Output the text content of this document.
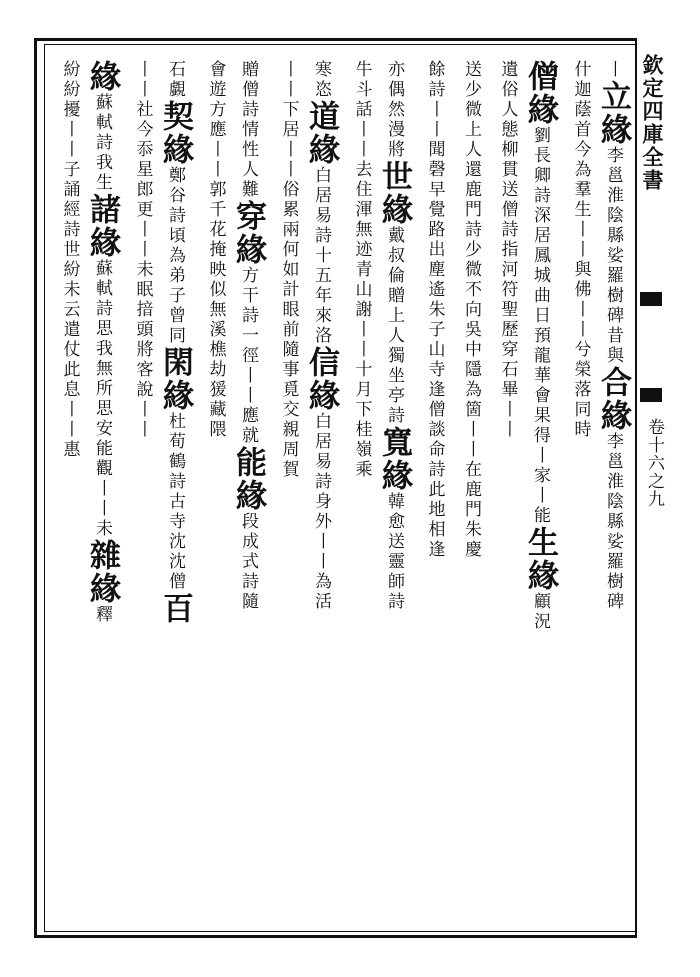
欽定四庫全書
卷十六之九
丨立緣李邕淮陰縣娑羅樹碑昔與合緣李邕淮陰縣娑羅樹碑
什迦蔭首今為羣生丨丨與佛丨丨兮榮落同時
僧緣劉長卿詩深居鳳城曲日預龍華會果得丨家丨能生緣顧況
遺俗人態柳貫送僧詩指河符聖歷穿石畢丨丨
送少微上人還鹿門詩少微不向吳中隱為箇丨丨在鹿門朱慶
餘詩丨丨聞磬早覺路出塵遙朱子山寺逢僧談命詩此地相逢
亦偶然漫將世緣戴叔倫贈上人獨坐亭詩寬緣韓愈送靈師詩
牛斗話丨丨去住渾無迹青山謝丨丨十月下桂嶺乘
寒恣道緣白居易詩十五年來洛信緣白居易詩身外丨丨為活
丨丨下居丨丨俗累兩何如計眼前隨事覓交親周賀
贈僧詩情性人難穿緣方干詩一徑丨丨應就能緣段成式詩隨
會遊方應丨丨郭千花掩映似無溪樵劫猨藏隈
石覷契緣鄭谷詩頃為弟子曾同閑緣杜荀鶴詩古寺沈沈僧百
丨丨社今忝星郎更丨丨未眠揞頭將客說丨丨
緣蘇軾詩我生諸緣蘇軾詩思我無所思安能觀丨丨未雜緣釋
紛紛擾丨丨子誦經詩世紛未云遣仗此息丨丨惠
